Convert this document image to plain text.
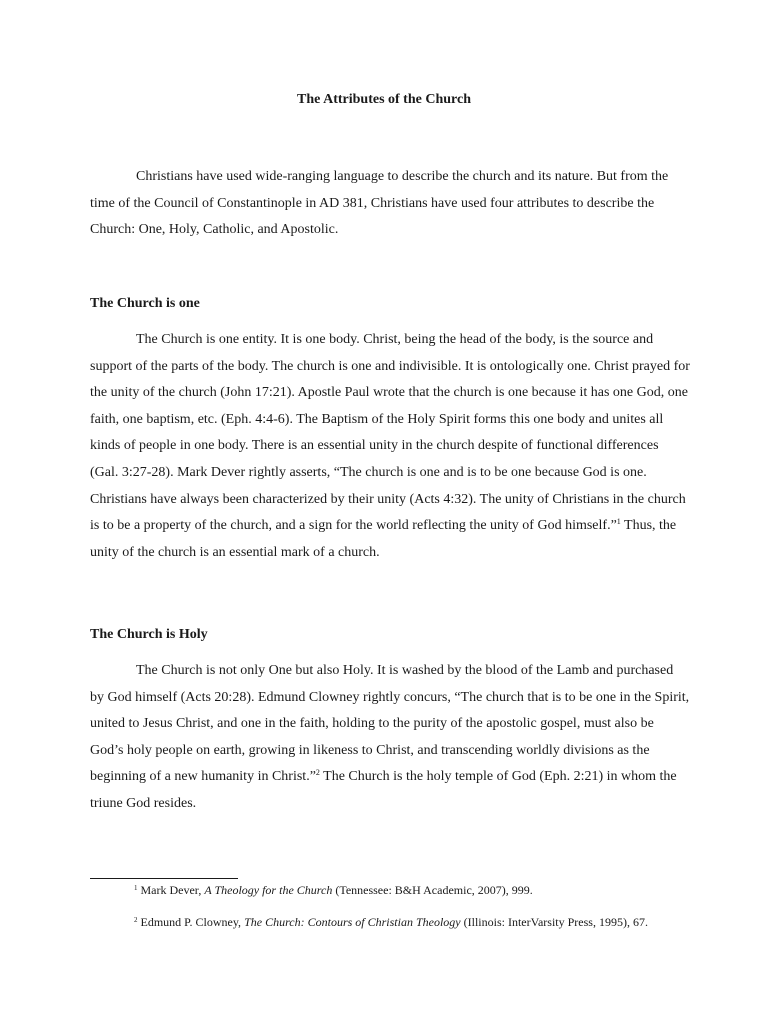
The Attributes of the Church

Christians have used wide-ranging language to describe the church and its nature. But from the time of the Council of Constantinople in AD 381, Christians have used four attributes to describe the Church: One, Holy, Catholic, and Apostolic.

The Church is one

The Church is one entity. It is one body. Christ, being the head of the body, is the source and support of the parts of the body. The church is one and indivisible. It is ontologically one. Christ prayed for the unity of the church (John 17:21). Apostle Paul wrote that the church is one because it has one God, one faith, one baptism, etc. (Eph. 4:4-6). The Baptism of the Holy Spirit forms this one body and unites all kinds of people in one body. There is an essential unity in the church despite of functional differences (Gal. 3:27-28). Mark Dever rightly asserts, “The church is one and is to be one because God is one. Christians have always been characterized by their unity (Acts 4:32). The unity of Christians in the church is to be a property of the church, and a sign for the world reflecting the unity of God himself.”$^1$ Thus, the unity of the church is an essential mark of a church.

The Church is Holy

The Church is not only One but also Holy. It is washed by the blood of the Lamb and purchased by God himself (Acts 20:28). Edmund Clowney rightly concurs, “The church that is to be one in the Spirit, united to Jesus Christ, and one in the faith, holding to the purity of the apostolic gospel, must also be God’s holy people on earth, growing in likeness to Christ, and transcending worldly divisions as the beginning of a new humanity in Christ.”$^2$ The Church is the holy temple of God (Eph. 2:21) in whom the triune God resides.

$^1$ Mark Dever, A Theology for the Church (Tennessee: B&H Academic, 2007), 999.

$^2$ Edmund P. Clowney, The Church: Contours of Christian Theology (Illinois: InterVarsity Press, 1995), 67.
